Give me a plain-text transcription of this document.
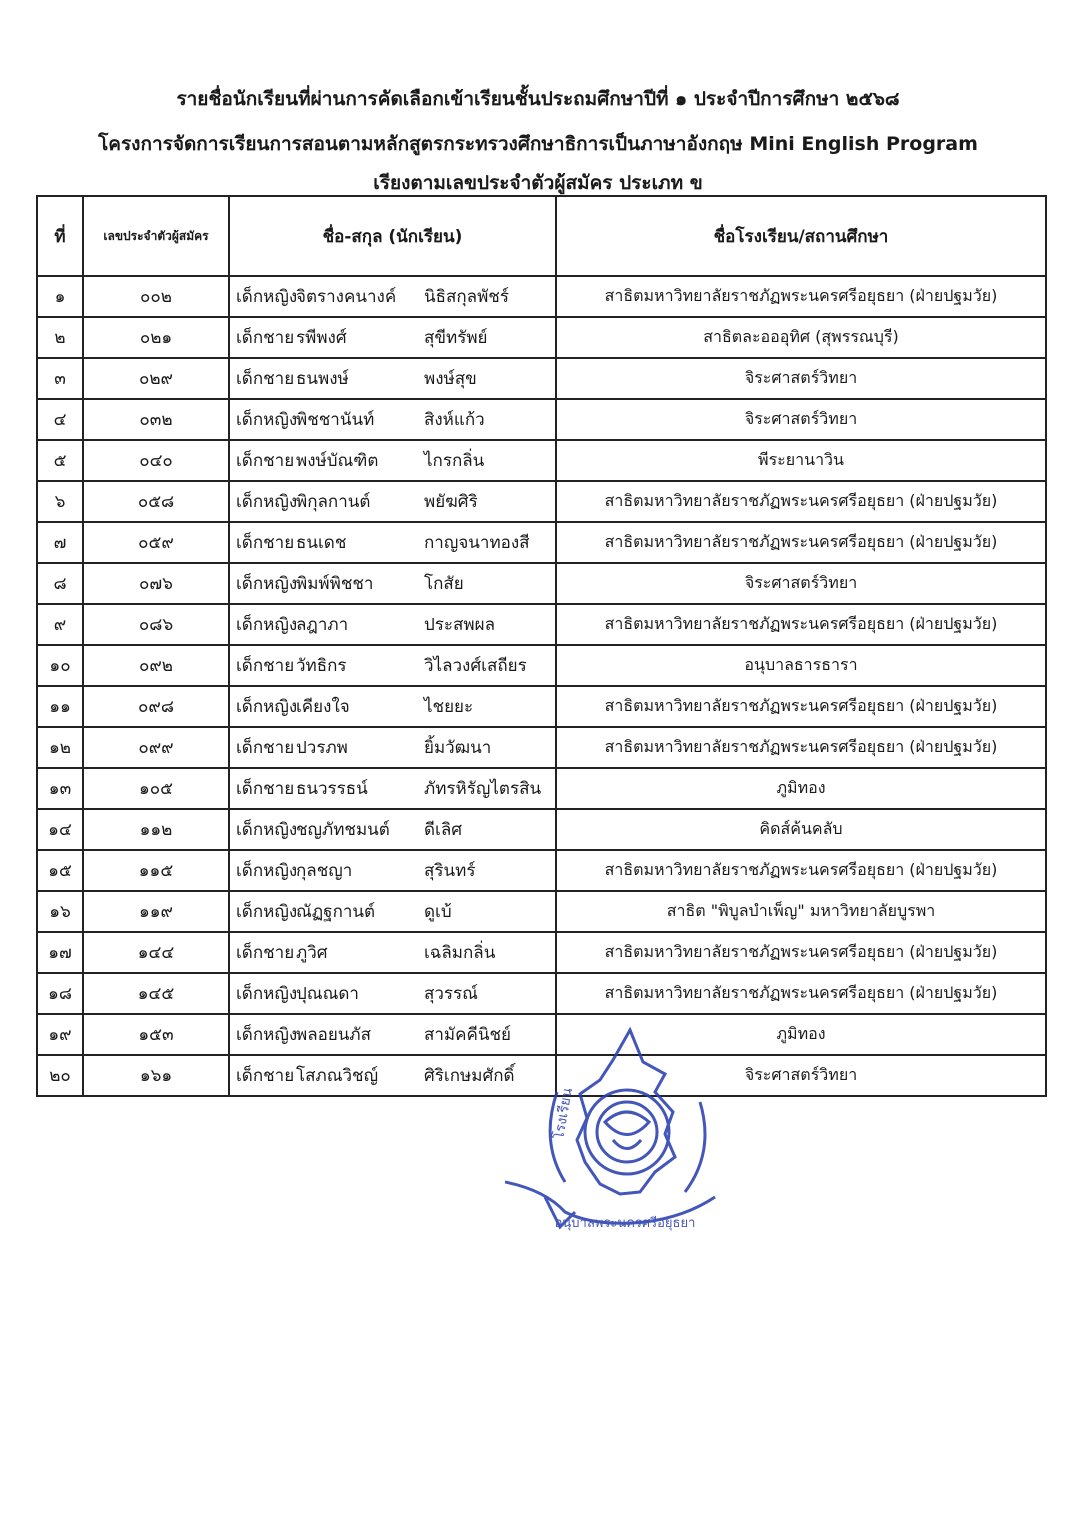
รายชื่อนักเรียนที่ผ่านการคัดเลือกเข้าเรียนชั้นประถมศึกษาปีที่ ๑ ประจำปีการศึกษา ๒๕๖๘
โครงการจัดการเรียนการสอนตามหลักสูตรกระทรวงศึกษาธิการเป็นภาษาอังกฤษ Mini English Program
เรียงตามเลขประจำตัวผู้สมัคร ประเภท ข
ที่	เลขประจำตัวผู้สมัคร	ชื่อ-สกุล (นักเรียน)	ชื่อโรงเรียน/สถานศึกษา
๑	๐๐๒	เด็กหญิงจิตรางคนางค์ นิธิสกุลพัชร์	สาธิตมหาวิทยาลัยราชภัฏพระนครศรีอยุธยา (ฝ่ายปฐมวัย)
๒	๐๒๑	เด็กชาย รพีพงศ์ สุขีทรัพย์	สาธิตละอออุทิศ (สุพรรณบุรี)
๓	๐๒๙	เด็กชาย ธนพงษ์ พงษ์สุข	จิระศาสตร์วิทยา
๔	๐๓๒	เด็กหญิงพิชชานันท์ สิงห์แก้ว	จิระศาสตร์วิทยา
๕	๐๔๐	เด็กชาย พงษ์บัณฑิต ไกรกลิ่น	พีระยานาวิน
๖	๐๕๘	เด็กหญิงพิกุลกานต์ พยัฆศิริ	สาธิตมหาวิทยาลัยราชภัฏพระนครศรีอยุธยา (ฝ่ายปฐมวัย)
๗	๐๕๙	เด็กชาย ธนเดช กาญจนาทองสี	สาธิตมหาวิทยาลัยราชภัฏพระนครศรีอยุธยา (ฝ่ายปฐมวัย)
๘	๐๗๖	เด็กหญิงพิมพ์พิชชา โกสัย	จิระศาสตร์วิทยา
๙	๐๘๖	เด็กหญิงลฎาภา ประสพผล	สาธิตมหาวิทยาลัยราชภัฏพระนครศรีอยุธยา (ฝ่ายปฐมวัย)
๑๐	๐๙๒	เด็กชาย วัทธิกร วิไลวงศ์เสถียร	อนุบาลธารธารา
๑๑	๐๙๘	เด็กหญิงเคียงใจ ไชยยะ	สาธิตมหาวิทยาลัยราชภัฏพระนครศรีอยุธยา (ฝ่ายปฐมวัย)
๑๒	๐๙๙	เด็กชาย ปวรภพ ยิ้มวัฒนา	สาธิตมหาวิทยาลัยราชภัฏพระนครศรีอยุธยา (ฝ่ายปฐมวัย)
๑๓	๑๐๕	เด็กชาย ธนวรรธน์ ภัทรหิรัญไตรสิน	ภูมิทอง
๑๔	๑๑๒	เด็กหญิงชญภัทชมนต์ ดีเลิศ	คิดส์ค้นคลับ
๑๕	๑๑๕	เด็กหญิงกุลชญา สุรินทร์	สาธิตมหาวิทยาลัยราชภัฏพระนครศรีอยุธยา (ฝ่ายปฐมวัย)
๑๖	๑๑๙	เด็กหญิงณัฏฐกานต์ ดูเบ้	สาธิต "พิบูลบำเพ็ญ" มหาวิทยาลัยบูรพา
๑๗	๑๔๔	เด็กชาย ภูวิศ เฉลิมกลิ่น	สาธิตมหาวิทยาลัยราชภัฏพระนครศรีอยุธยา (ฝ่ายปฐมวัย)
๑๘	๑๔๕	เด็กหญิงปุณณดา สุวรรณ์	สาธิตมหาวิทยาลัยราชภัฏพระนครศรีอยุธยา (ฝ่ายปฐมวัย)
๑๙	๑๕๓	เด็กหญิงพลอยนภัส สามัคคีนิชย์	ภูมิทอง
๒๐	๑๖๑	เด็กชาย โสภณวิชญ์ ศิริเกษมศักดิ์	จิระศาสตร์วิทยา
โรงเรียน
อนุบาลพระนครศรีอยุธยา
